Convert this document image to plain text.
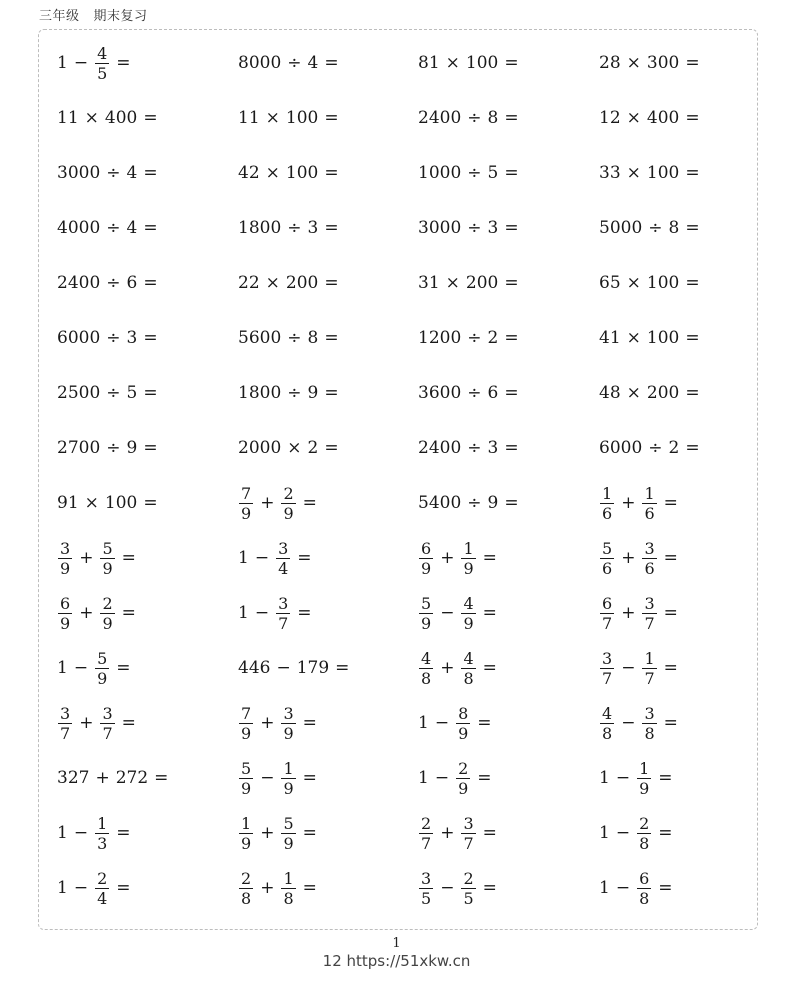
三年级 期末复习
$1 - \frac{4}{5}$ =	8000 ÷ 4 =	81 × 100 =	28 × 300 =
11 × 400 =	11 × 100 =	2400 ÷ 8 =	12 × 400 =
3000 ÷ 4 =	42 × 100 =	1000 ÷ 5 =	33 × 100 =
4000 ÷ 4 =	1800 ÷ 3 =	3000 ÷ 3 =	5000 ÷ 8 =
2400 ÷ 6 =	22 × 200 =	31 × 200 =	65 × 100 =
6000 ÷ 3 =	5600 ÷ 8 =	1200 ÷ 2 =	41 × 100 =
2500 ÷ 5 =	1800 ÷ 9 =	3600 ÷ 6 =	48 × 200 =
2700 ÷ 9 =	2000 × 2 =	2400 ÷ 3 =	6000 ÷ 2 =
91 × 100 =	$\frac{7}{9} + \frac{2}{9}$ =	5400 ÷ 9 =	$\frac{1}{6} + \frac{1}{6}$ =
$\frac{3}{9} + \frac{5}{9}$ =	$1 - \frac{3}{4}$ =	$\frac{6}{9} + \frac{1}{9}$ =	$\frac{5}{6} + \frac{3}{6}$ =
$\frac{6}{9} + \frac{2}{9}$ =	$1 - \frac{3}{7}$ =	$\frac{5}{9} - \frac{4}{9}$ =	$\frac{6}{7} + \frac{3}{7}$ =
$1 - \frac{5}{9}$ =	446 − 179 =	$\frac{4}{8} + \frac{4}{8}$ =	$\frac{3}{7} - \frac{1}{7}$ =
$\frac{3}{7} + \frac{3}{7}$ =	$\frac{7}{9} + \frac{3}{9}$ =	$1 - \frac{8}{9}$ =	$\frac{4}{8} - \frac{3}{8}$ =
327 + 272 =	$\frac{5}{9} - \frac{1}{9}$ =	$1 - \frac{2}{9}$ =	$1 - \frac{1}{9}$ =
$1 - \frac{1}{3}$ =	$\frac{1}{9} + \frac{5}{9}$ =	$\frac{2}{7} + \frac{3}{7}$ =	$1 - \frac{2}{8}$ =
$1 - \frac{2}{4}$ =	$\frac{2}{8} + \frac{1}{8}$ =	$\frac{3}{5} - \frac{2}{5}$ =	$1 - \frac{6}{8}$ =
1
12 https://51xkw.cn
